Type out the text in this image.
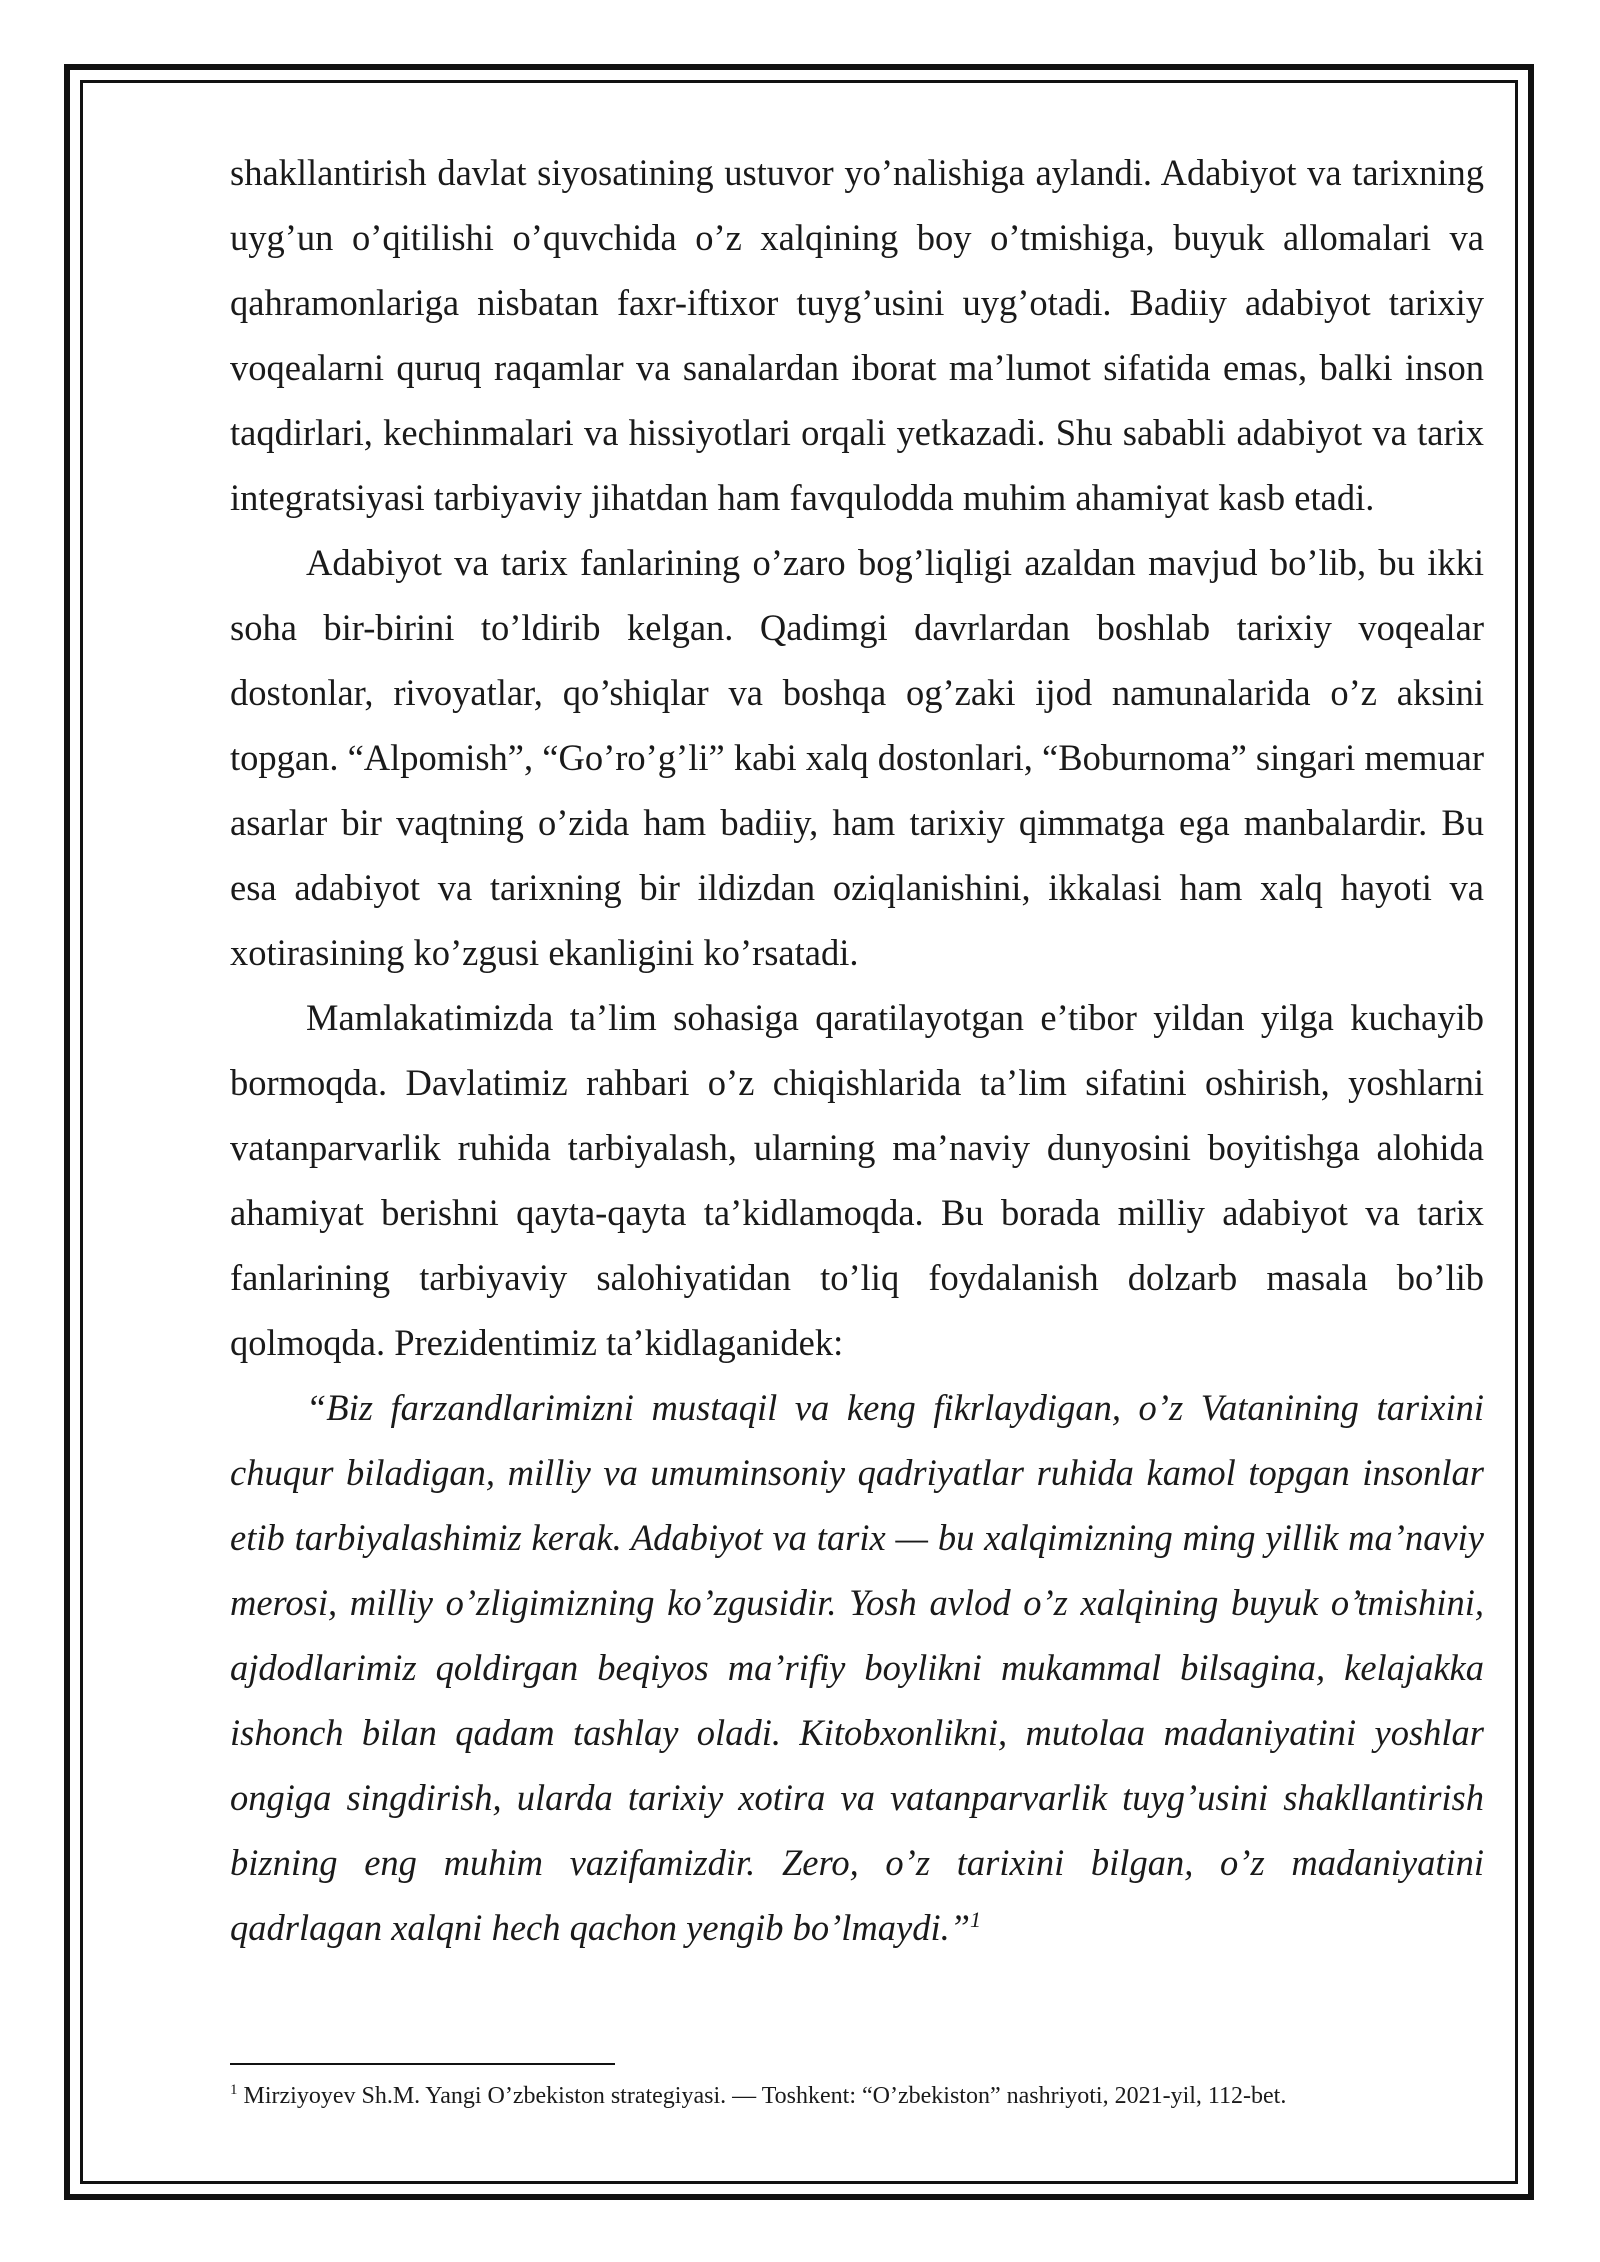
shakllantirish davlat siyosatining ustuvor yo’nalishiga aylandi. Adabiyot va tarixning uyg’un o’qitilishi o’quvchida o’z xalqining boy o’tmishiga, buyuk allomalari va qahramonlariga nisbatan faxr-iftixor tuyg’usini uyg’otadi. Badiiy adabiyot tarixiy voqealarni quruq raqamlar va sanalardan iborat ma’lumot sifatida emas, balki inson taqdirlari, kechinmalari va hissiyotlari orqali yetkazadi. Shu sababli adabiyot va tarix integratsiyasi tarbiyaviy jihatdan ham favqulodda muhim ahamiyat kasb etadi.

Adabiyot va tarix fanlarining o’zaro bog’liqligi azaldan mavjud bo’lib, bu ikki soha bir-birini to’ldirib kelgan. Qadimgi davrlardan boshlab tarixiy voqealar dostonlar, rivoyatlar, qo’shiqlar va boshqa og’zaki ijod namunalarida o’z aksini topgan. “Alpomish”, “Go’ro’g’li” kabi xalq dostonlari, “Boburnoma” singari memuar asarlar bir vaqtning o’zida ham badiiy, ham tarixiy qimmatga ega manbalardir. Bu esa adabiyot va tarixning bir ildizdan oziqlanishini, ikkalasi ham xalq hayoti va xotirasining ko’zgusi ekanligini ko’rsatadi.

Mamlakatimizda ta’lim sohasiga qaratilayotgan e’tibor yildan yilga kuchayib bormoqda. Davlatimiz rahbari o’z chiqishlarida ta’lim sifatini oshirish, yoshlarni vatanparvarlik ruhida tarbiyalash, ularning ma’naviy dunyosini boyitishga alohida ahamiyat berishni qayta-qayta ta’kidlamoqda. Bu borada milliy adabiyot va tarix fanlarining tarbiyaviy salohiyatidan to’liq foydalanish dolzarb masala bo’lib qolmoqda. Prezidentimiz ta’kidlaganidek:

“Biz farzandlarimizni mustaqil va keng fikrlaydigan, o’z Vatanining tarixini chuqur biladigan, milliy va umuminsoniy qadriyatlar ruhida kamol topgan insonlar etib tarbiyalashimiz kerak. Adabiyot va tarix — bu xalqimizning ming yillik ma’naviy merosi, milliy o’zligimizning ko’zgusidir. Yosh avlod o’z xalqining buyuk o’tmishini, ajdodlarimiz qoldirgan beqiyos ma’rifiy boylikni mukammal bilsagina, kelajakka ishonch bilan qadam tashlay oladi. Kitobxonlikni, mutolaa madaniyatini yoshlar ongiga singdirish, ularda tarixiy xotira va vatanparvarlik tuyg’usini shakllantirish bizning eng muhim vazifamizdir. Zero, o’z tarixini bilgan, o’z madaniyatini qadrlagan xalqni hech qachon yengib bo’lmaydi.”$^1$

$^1$ Mirziyoyev Sh.M. Yangi O’zbekiston strategiyasi. — Toshkent: “O’zbekiston” nashriyoti, 2021-yil, 112-bet.
